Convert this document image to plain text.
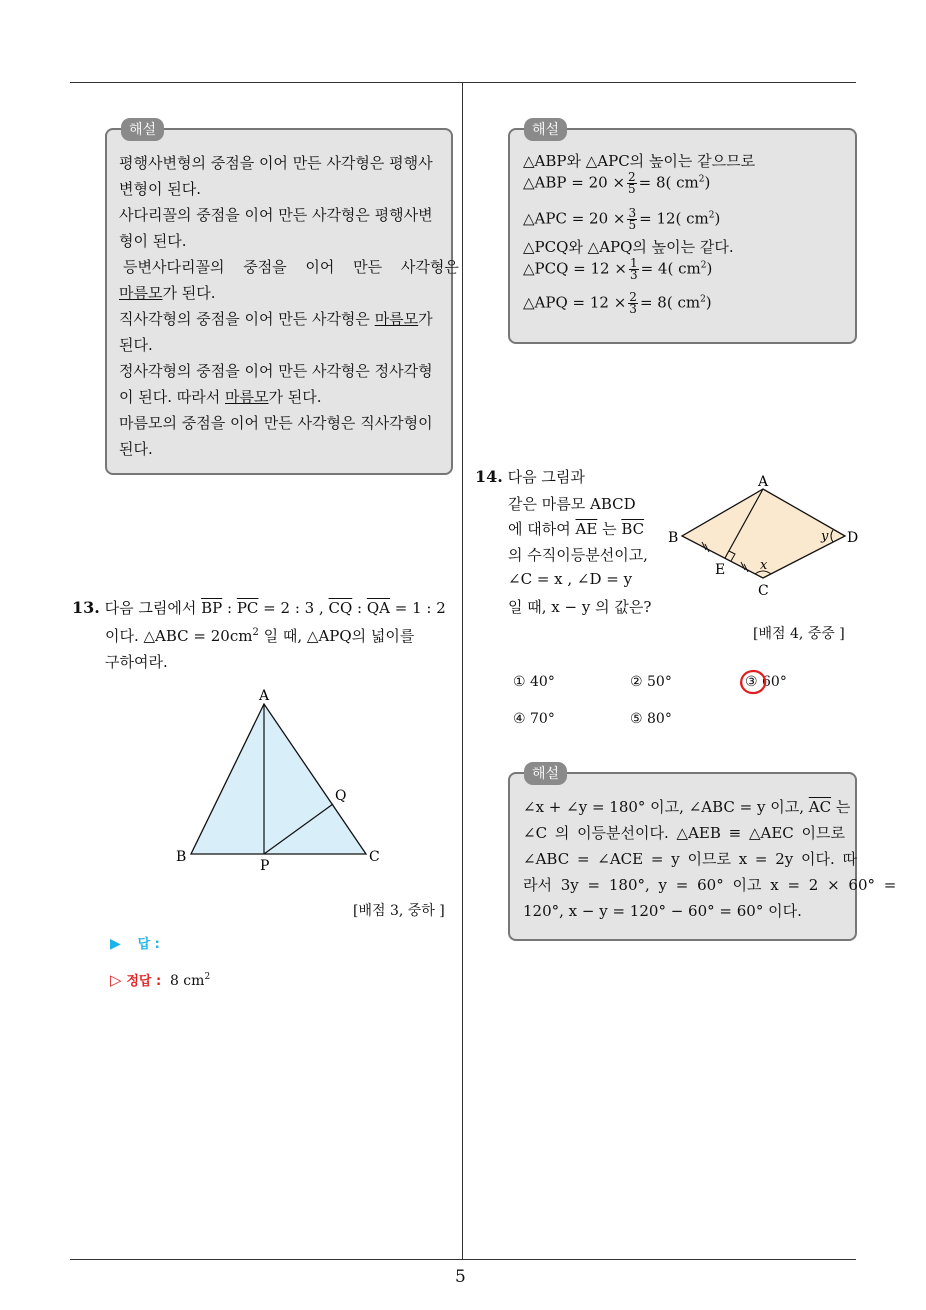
5
해설
평행사변형의 중점을 이어 만든 사각형은 평행사
변형이 된다.
사다리꼴의 중점을 이어 만든 사각형은 평행사변
형이 된다.
등변사다리꼴의 중점을 이어 만든 사각형은
마름모가 된다.
직사각형의 중점을 이어 만든 사각형은 마름모가
된다.
정사각형의 중점을 이어 만든 사각형은 정사각형
이 된다. 따라서 마름모가 된다.
마름모의 중점을 이어 만든 사각형은 직사각형이
된다.
13. 다음 그림에서 $\overline{BP}$ : $\overline{PC} = 2$ : 3 , $\overline{CQ}$ : $\overline{QA} = 1$ : 2
이다. △ABC = $20cm^2$ 일 때, △APQ의 넓이를
구하여라.
A
B	C
P
Q
[배점 3, 중하 ]
▶ 답 :
▷ 정답 : 8 $cm^2$
해설
△ABP와 △APC의 높이는 같으므로
△ABP = $20 \times \frac{2}{5} = 8$( $cm^2$)
△APC = $20 \times \frac{3}{5} = 12$( $cm^2$)
△PCQ와 △APQ의 높이는 같다.
△PCQ = $12 \times \frac{1}{3} = 4$( $cm^2$)
△APQ = $12 \times \frac{2}{3} = 8$( $cm^2$)
14. 다음 그림과
같은 마름모 ABCD
에 대하여 $\overline{AE}$ 는 $\overline{BC}$
의 수직이등분선이고,
∠C = x , ∠D = y
일 때, x − y 의 값은?
A
B
C
D
E	x
y
[배점 4, 중중 ]
① 40°	② 50°	③ 60°
④ 70°	⑤ 80°
해설
∠x + ∠y = 180° 이고, ∠ABC = y 이고, $\overline{AC}$ 는
∠C 의 이등분선이다. △AEB ≡ △AEC 이므로
∠ABC = ∠ACE = y 이므로 x = 2y 이다. 따
라서 3y = 180°, y = 60° 이고 x = 2 × 60° =
120°, x − y = 120° − 60° = 60° 이다.
